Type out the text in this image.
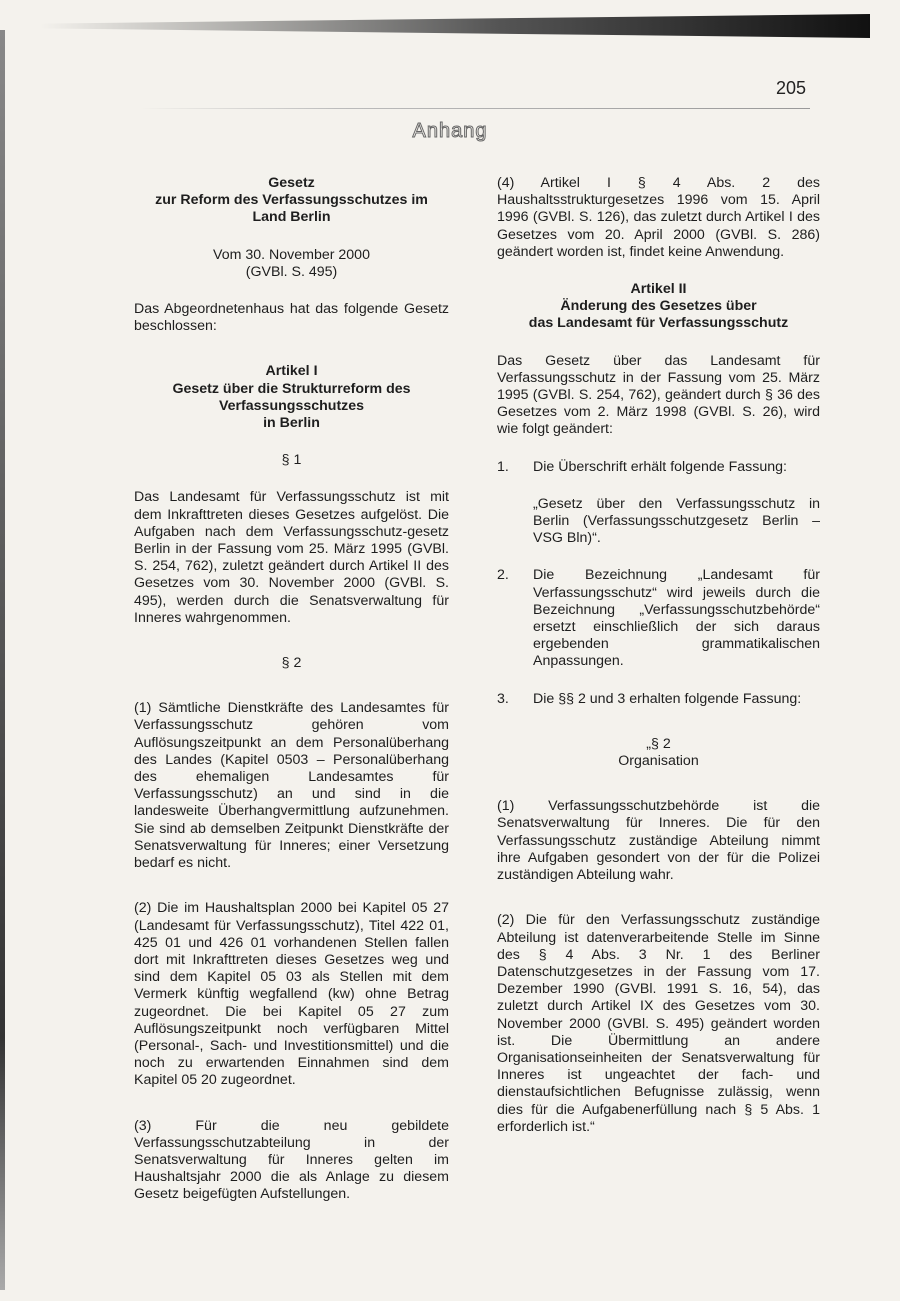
205
Anhang
Gesetz
zur Reform des Verfassungsschutzes im
Land Berlin
Vom 30. November 2000
(GVBl. S. 495)

Das Abgeordnetenhaus hat das folgende Gesetz beschlossen:

Artikel I
Gesetz über die Strukturreform des
Verfassungsschutzes
in Berlin

§ 1

Das Landesamt für Verfassungsschutz ist mit dem Inkrafttreten dieses Gesetzes aufgelöst. Die Aufgaben nach dem Verfassungsschutz-gesetz Berlin in der Fassung vom 25. März 1995 (GVBl. S. 254, 762), zuletzt geändert durch Artikel II des Gesetzes vom 30. November 2000 (GVBl. S. 495), werden durch die Senatsverwaltung für Inneres wahrgenommen.

§ 2

(1) Sämtliche Dienstkräfte des Landesamtes für Verfassungsschutz gehören vom Auflösungszeitpunkt an dem Personalüberhang des Landes (Kapitel 0503 – Personalüberhang des ehemaligen Landesamtes für Verfassungsschutz) an und sind in die landesweite Überhangvermittlung aufzunehmen. Sie sind ab demselben Zeitpunkt Dienstkräfte der Senatsverwaltung für Inneres; einer Versetzung bedarf es nicht.

(2) Die im Haushaltsplan 2000 bei Kapitel 05 27 (Landesamt für Verfassungsschutz), Titel 422 01, 425 01 und 426 01 vorhandenen Stellen fallen dort mit Inkrafttreten dieses Gesetzes weg und sind dem Kapitel 05 03 als Stellen mit dem Vermerk künftig wegfallend (kw) ohne Betrag zugeordnet. Die bei Kapitel 05 27 zum Auflösungszeitpunkt noch verfügbaren Mittel (Personal-, Sach- und Investitionsmittel) und die noch zu erwartenden Einnahmen sind dem Kapitel 05 20 zugeordnet.

(3) Für die neu gebildete Verfassungsschutzabteilung in der Senatsverwaltung für Inneres gelten im Haushaltsjahr 2000 die als Anlage zu diesem Gesetz beigefügten Aufstellungen.

(4) Artikel I § 4 Abs. 2 des Haushaltsstrukturgesetzes 1996 vom 15. April 1996 (GVBl. S. 126), das zuletzt durch Artikel I des Gesetzes vom 20. April 2000 (GVBl. S. 286) geändert worden ist, findet keine Anwendung.

Artikel II
Änderung des Gesetzes über
das Landesamt für Verfassungsschutz

Das Gesetz über das Landesamt für Verfassungsschutz in der Fassung vom 25. März 1995 (GVBl. S. 254, 762), geändert durch § 36 des Gesetzes vom 2. März 1998 (GVBl. S. 26), wird wie folgt geändert:

1.	Die Überschrift erhält folgende Fassung:

„Gesetz über den Verfassungsschutz in Berlin (Verfassungsschutzgesetz Berlin – VSG Bln)“.

2.	Die Bezeichnung „Landesamt für Verfassungsschutz“ wird jeweils durch die Bezeichnung „Verfassungsschutzbehörde“ ersetzt einschließlich der sich daraus ergebenden grammatikalischen Anpassungen.
3.	Die §§ 2 und 3 erhalten folgende Fassung:
„§ 2
Organisation

(1) Verfassungsschutzbehörde ist die Senatsverwaltung für Inneres. Die für den Verfassungsschutz zuständige Abteilung nimmt ihre Aufgaben gesondert von der für die Polizei zuständigen Abteilung wahr.

(2) Die für den Verfassungsschutz zuständige Abteilung ist datenverarbeitende Stelle im Sinne des § 4 Abs. 3 Nr. 1 des Berliner Datenschutzgesetzes in der Fassung vom 17. Dezember 1990 (GVBl. 1991 S. 16, 54), das zuletzt durch Artikel IX des Gesetzes vom 30. November 2000 (GVBl. S. 495) geändert worden ist. Die Übermittlung an andere Organisationseinheiten der Senatsverwaltung für Inneres ist ungeachtet der fach- und dienstaufsichtlichen Befugnisse zulässig, wenn dies für die Aufgabenerfüllung nach § 5 Abs. 1 erforderlich ist.“
